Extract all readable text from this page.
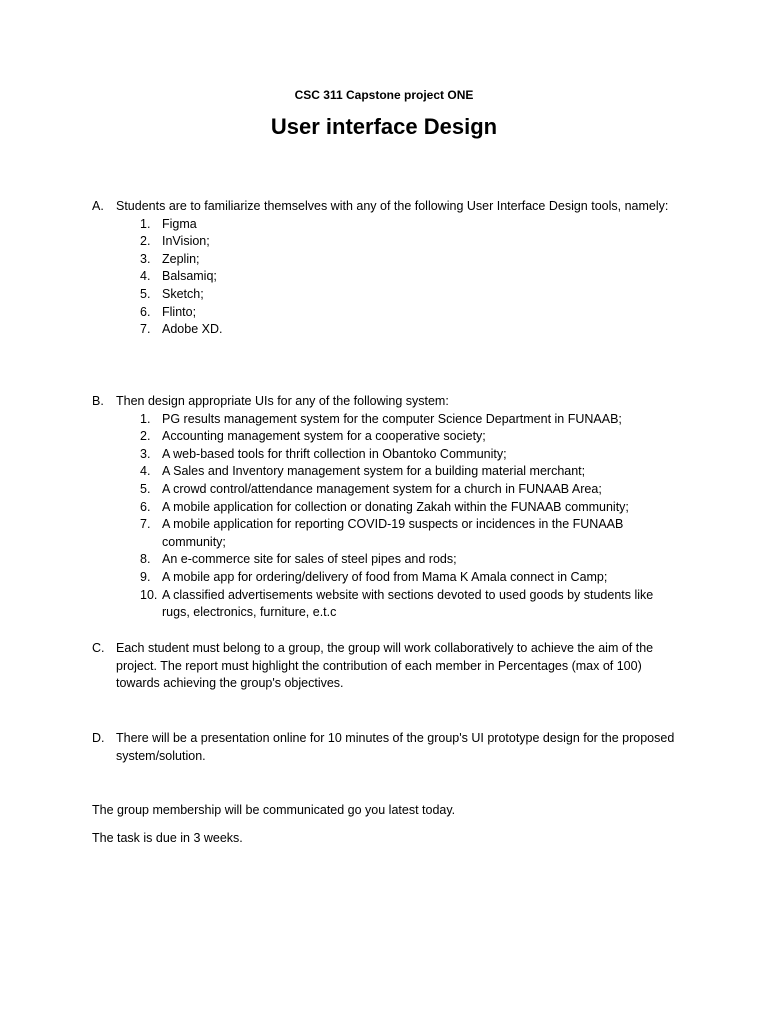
CSC 311 Capstone project ONE
User interface Design
A. Students are to familiarize themselves with any of the following User Interface Design tools, namely:
1. Figma
2. InVision;
3. Zeplin;
4. Balsamiq;
5. Sketch;
6. Flinto;
7. Adobe XD.
B. Then design appropriate UIs for any of the following system:
1. PG results management system for the computer Science Department in FUNAAB;
2. Accounting management system for a cooperative society;
3. A web-based tools for thrift collection in Obantoko Community;
4. A Sales and Inventory management system for a building material merchant;
5. A crowd control/attendance management system for a church in FUNAAB Area;
6. A mobile application for collection or donating Zakah within the FUNAAB community;
7. A mobile application for reporting COVID-19 suspects or incidences in the FUNAAB community;
8. An e-commerce site for sales of steel pipes and rods;
9. A mobile app for ordering/delivery of food from Mama K Amala connect in Camp;
10. A classified advertisements website with sections devoted to used goods by students like rugs, electronics, furniture, e.t.c
C. Each student must belong to a group, the group will work collaboratively to achieve the aim of the project. The report must highlight the contribution of each member in Percentages (max of 100) towards achieving the group's objectives.
D. There will be a presentation online for 10 minutes of the group's UI prototype design for the proposed system/solution.
The group membership will be communicated go you latest today.
The task is due in 3 weeks.
